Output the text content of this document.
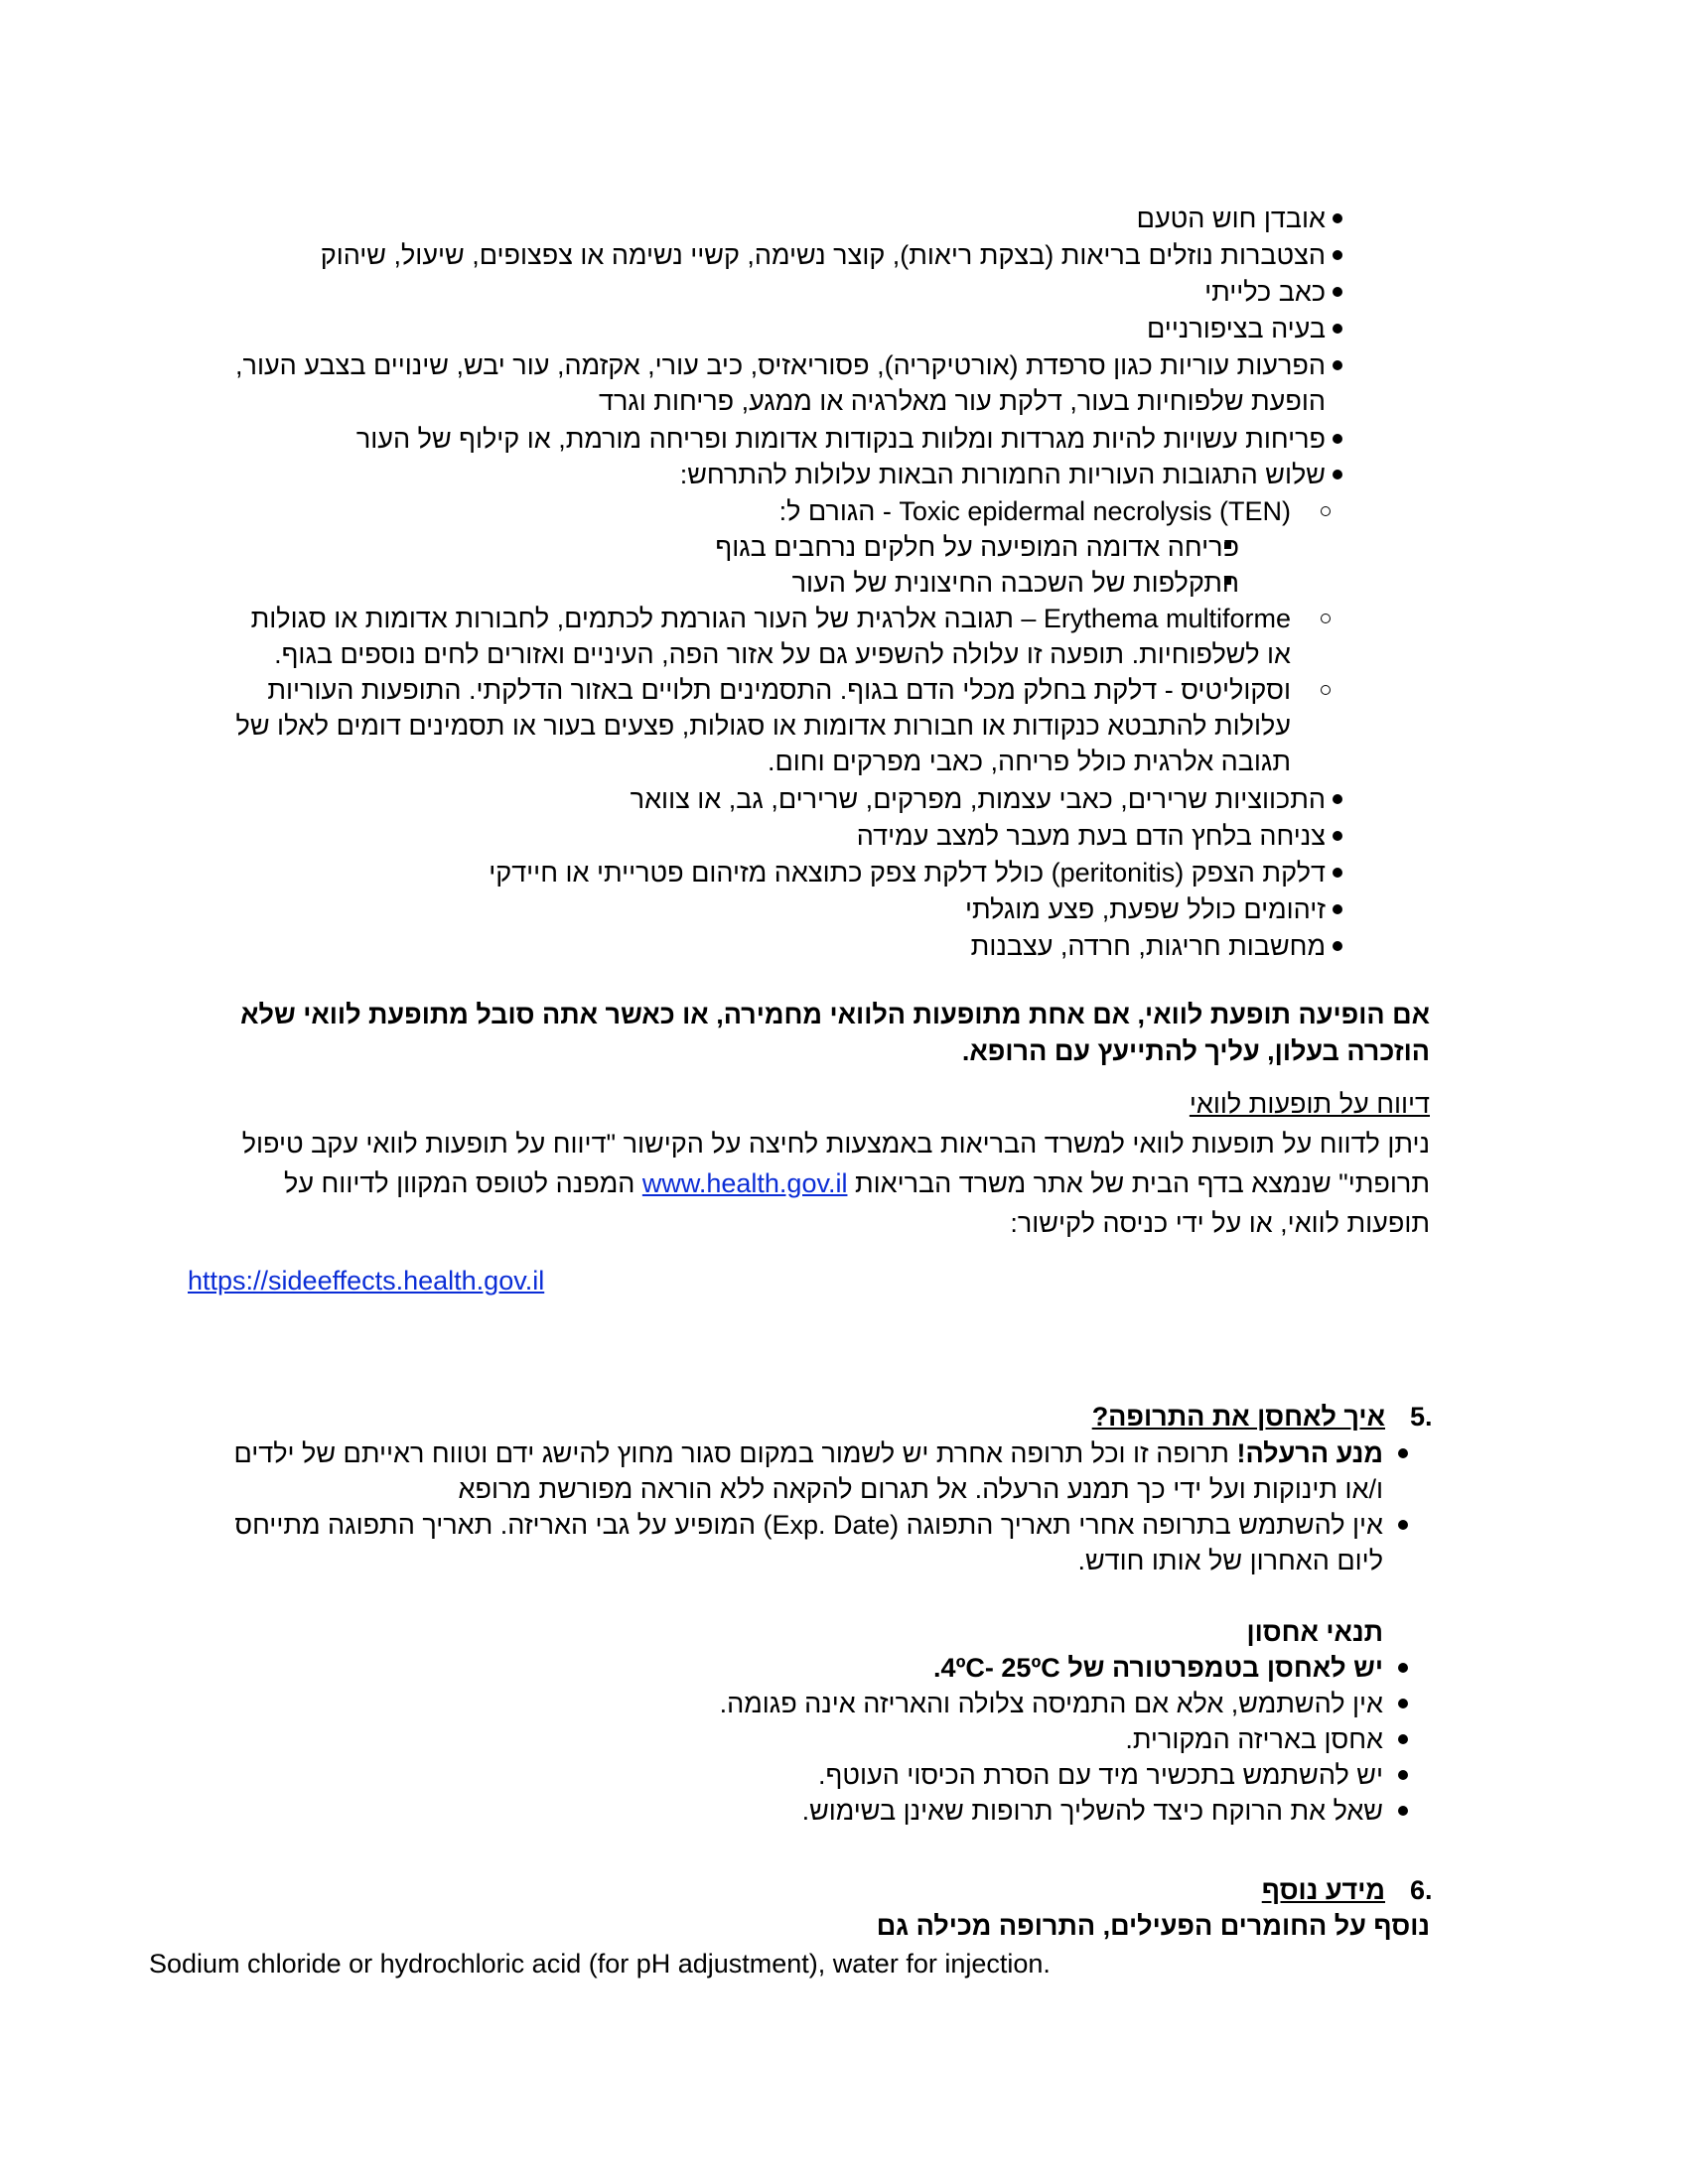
אובדן חוש הטעם
הצטברות נוזלים בריאות (בצקת ריאות), קוצר נשימה, קשיי נשימה או צפצופים, שיעול, שיהוק
כאב כלייתי
בעיה בציפורניים
הפרעות עוריות כגון סרפדת (אורטיקריה), פסוריאזיס, כיב עורי, אקזמה, עור יבש, שינויים בצבע העור,
הופעת שלפוחיות בעור, דלקת עור מאלרגיה או ממגע, פריחות וגרד
פריחות עשויות להיות מגרדות ומלוות בנקודות אדומות ופריחה מורמת, או קילוף של העור
שלוש התגובות העוריות החמורות הבאות עלולות להתרחש:
Toxic epidermal necrolysis (TEN) - הגורם ל:
פריחה אדומה המופיעה על חלקים נרחבים בגוף
התקלפות של השכבה החיצונית של העור
Erythema multiforme – תגובה אלרגית של העור הגורמת לכתמים, לחבורות אדומות או סגולות
או לשלפוחיות. תופעה זו עלולה להשפיע גם על אזור הפה, העיניים ואזורים לחים נוספים בגוף.
וסקוליטיס - דלקת בחלק מכלי הדם בגוף. התסמינים תלויים באזור הדלקתי. התופעות העוריות
עלולות להתבטא כנקודות או חבורות אדומות או סגולות, פצעים בעור או תסמינים דומים לאלו של
תגובה אלרגית כולל פריחה, כאבי מפרקים וחום.
התכווציות שרירים, כאבי עצמות, מפרקים, שרירים, גב, או צוואר
צניחה בלחץ הדם בעת מעבר למצב עמידה
דלקת הצפק (peritonitis) כולל דלקת צפק כתוצאה מזיהום פטרייתי או חיידקי
זיהומים כולל שפעת, פצע מוגלתי
מחשבות חריגות, חרדה, עצבנות
אם הופיעה תופעת לוואי, אם אחת מתופעות הלוואי מחמירה, או כאשר אתה סובל מתופעת לוואי שלא
הוזכרה בעלון, עליך להתייעץ עם הרופא.
דיווח על תופעות לוואי
ניתן לדווח על תופעות לוואי למשרד הבריאות באמצעות לחיצה על הקישור "דיווח על תופעות לוואי עקב טיפול
תרופתי" שנמצא בדף הבית של אתר משרד הבריאות www.health.gov.il המפנה לטופס המקוון לדיווח על
תופעות לוואי, או על ידי כניסה לקישור:
https://sideeffects.health.gov.il
5.
איך לאחסן את התרופה?
מנע הרעלה! תרופה זו וכל תרופה אחרת יש לשמור במקום סגור מחוץ להישג ידם וטווח ראייתם של ילדים
ו/או תינוקות ועל ידי כך תמנע הרעלה. אל תגרום להקאה ללא הוראה מפורשת מרופא
אין להשתמש בתרופה אחרי תאריך התפוגה (Exp. Date) המופיע על גבי האריזה. תאריך התפוגה מתייחס
ליום האחרון של אותו חודש.
תנאי אחסון
יש לאחסן בטמפרטורה של 4ºC- 25ºC.
אין להשתמש, אלא אם התמיסה צלולה והאריזה אינה פגומה.
אחסן באריזה המקורית.
יש להשתמש בתכשיר מיד עם הסרת הכיסוי העוטף.
שאל את הרוקח כיצד להשליך תרופות שאינן בשימוש.
6.
מידע נוסף
נוסף על החומרים הפעילים, התרופה מכילה גם
Sodium chloride or hydrochloric acid (for pH adjustment), water for injection.
